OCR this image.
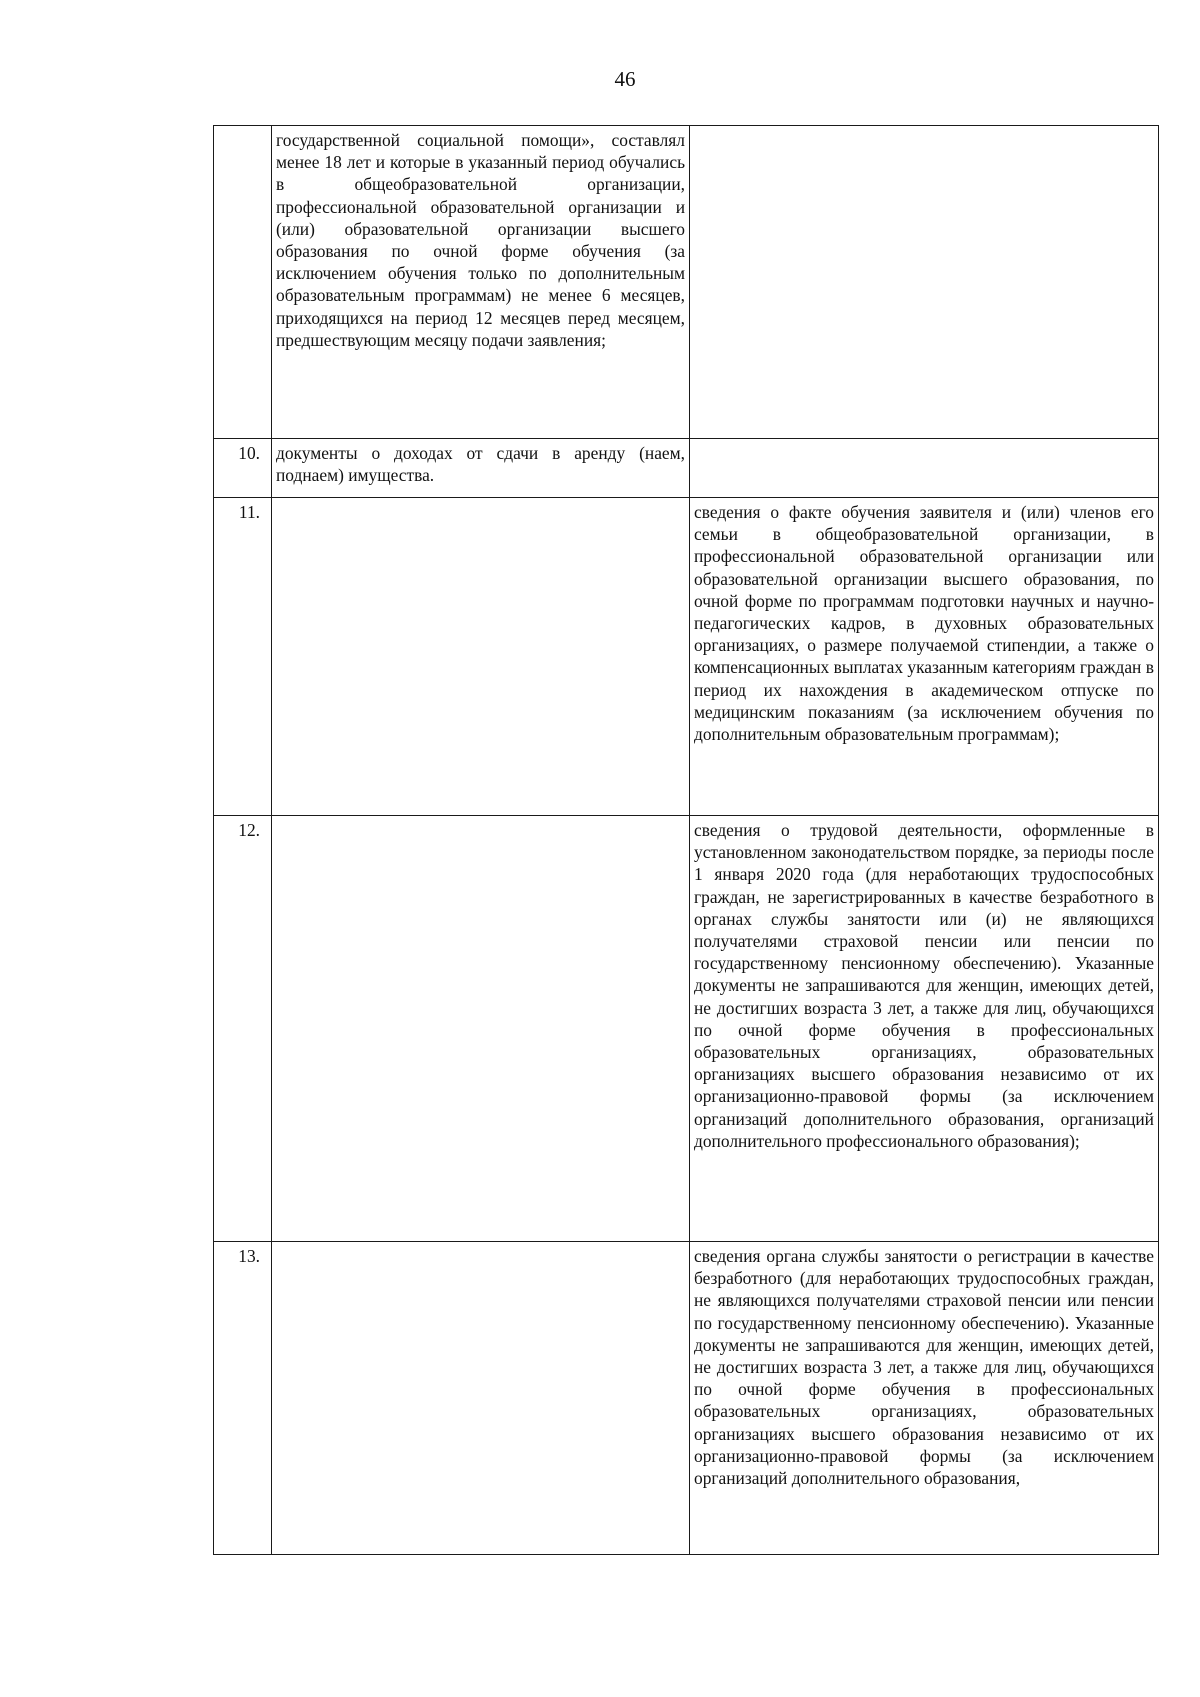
46

	государственной социальной помощи», составлял менее 18 лет и которые в указанный период обучались в общеобразовательной организации, профессиональной образовательной организации и (или) образовательной организации высшего образования по очной форме обучения (за исключением обучения только по дополнительным образовательным программам) не менее 6 месяцев, приходящихся на период 12 месяцев перед месяцем, предшествующим месяцу подачи заявления;	

10.	документы о доходах от сдачи в аренду (наем, поднаем) имущества.	

11.		сведения о факте обучения заявителя и (или) членов его семьи в общеобразовательной организации, в профессиональной образовательной организации или образовательной организации высшего образования, по очной форме по программам подготовки научных и научно-педагогических кадров, в духовных образовательных организациях, о размере получаемой стипендии, а также о компенсационных выплатах указанным категориям граждан в период их нахождения в академическом отпуске по медицинским показаниям (за исключением обучения по дополнительным образовательным программам);

12.		сведения о трудовой деятельности, оформленные в установленном законодательством порядке, за периоды после 1 января 2020 года (для неработающих трудоспособных граждан, не зарегистрированных в качестве безработного в органах службы занятости или (и) не являющихся получателями страховой пенсии или пенсии по государственному пенсионному обеспечению). Указанные документы не запрашиваются для женщин, имеющих детей, не достигших возраста 3 лет, а также для лиц, обучающихся по очной форме обучения в профессиональных образовательных организациях, образовательных организациях высшего образования независимо от их организационно-правовой формы (за исключением организаций дополнительного образования, организаций дополнительного профессионального образования);

13.		сведения органа службы занятости о регистрации в качестве безработного (для неработающих трудоспособных граждан, не являющихся получателями страховой пенсии или пенсии по государственному пенсионному обеспечению). Указанные документы не запрашиваются для женщин, имеющих детей, не достигших возраста 3 лет, а также для лиц, обучающихся по очной форме обучения в профессиональных образовательных организациях, образовательных организациях высшего образования независимо от их организационно-правовой формы (за исключением организаций дополнительного образования,
